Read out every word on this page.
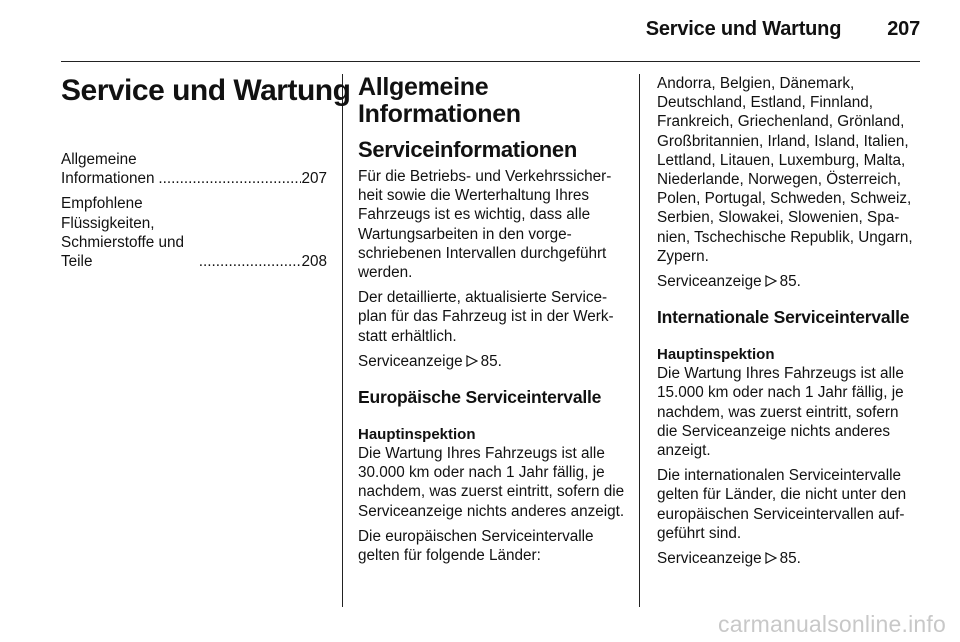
Service und Wartung 207
Service und Wartung
Allgemeine Informationen .....	207
Empfohlene Flüssigkeiten, Schmierstoffe und Teile .....	208
Allgemeine Informationen
Serviceinformationen

Für die Betriebs- und Verkehrssicherheit sowie die Werterhaltung Ihres Fahrzeugs ist es wichtig, dass alle Wartungsarbeiten in den vorgeschriebenen Intervallen durchgeführt werden.

Der detaillierte, aktualisierte Serviceplan für das Fahrzeug ist in der Werkstatt erhältlich.

Serviceanzeige 85.

Europäische Serviceintervalle
Hauptinspektion

Die Wartung Ihres Fahrzeugs ist alle 30.000 km oder nach 1 Jahr fällig, je nachdem, was zuerst eintritt, sofern die Serviceanzeige nichts anderes anzeigt.

Die europäischen Serviceintervalle gelten für folgende Länder:

Andorra, Belgien, Dänemark, Deutschland, Estland, Finnland, Frankreich, Griechenland, Grönland, Großbritannien, Irland, Island, Italien, Lettland, Litauen, Luxemburg, Malta, Niederlande, Norwegen, Österreich, Polen, Portugal, Schweden, Schweiz, Serbien, Slowakei, Slowenien, Spanien, Tschechische Republik, Ungarn, Zypern.

Serviceanzeige 85.

Internationale Serviceintervalle
Hauptinspektion

Die Wartung Ihres Fahrzeugs ist alle 15.000 km oder nach 1 Jahr fällig, je nachdem, was zuerst eintritt, sofern die Serviceanzeige nichts anderes anzeigt.

Die internationalen Serviceintervalle gelten für Länder, die nicht unter den europäischen Serviceintervallen aufgeführt sind.

Serviceanzeige 85.

carmanualsonline.info
